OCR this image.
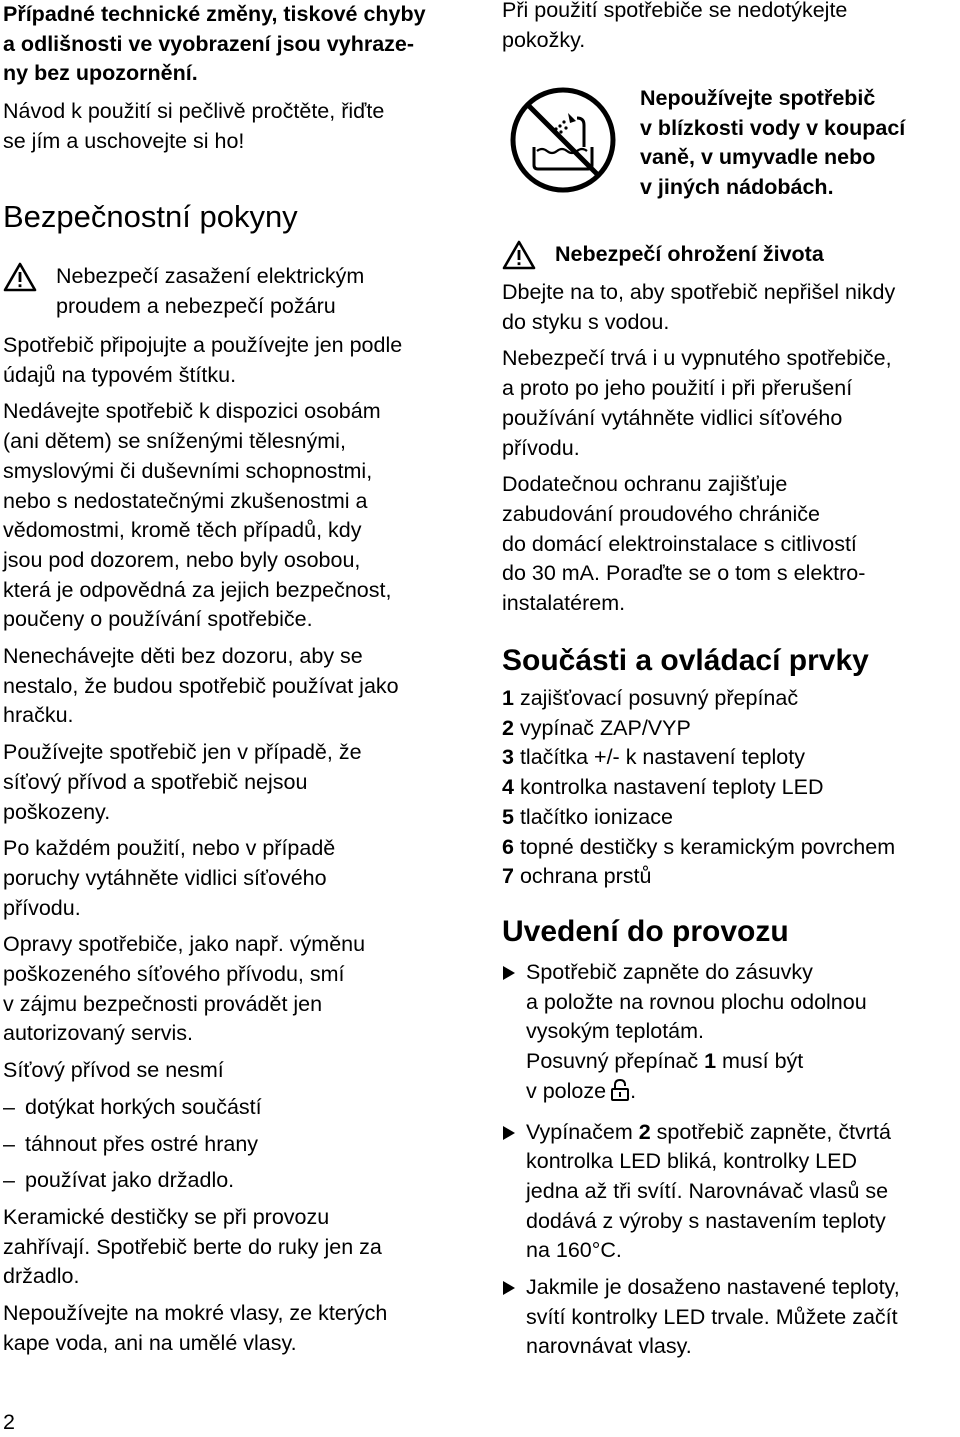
Případné technické změny, tiskové chyby
a odlišnosti ve vyobrazení jsou vyhraze-
ny bez upozornění.

Návod k použití si pečlivě pročtěte, řiďte
se jím a uschovejte si ho!

Bezpečnostní pokyny

Nebezpečí zasažení elektrickým
proudem a nebezpečí požáru

Spotřebič připojujte a používejte jen podle
údajů na typovém štítku.

Nedávejte spotřebič k dispozici osobám
(ani dětem) se sníženými tělesnými,
smyslovými či duševními schopnostmi,
nebo s nedostatečnými zkušenostmi a
vědomostmi, kromě těch případů, kdy
jsou pod dozorem, nebo byly osobou,
která je odpovědná za jejich bezpečnost,
poučeny o používání spotřebiče.

Nenechávejte děti bez dozoru, aby se
nestalo, že budou spotřebič používat jako
hračku.

Používejte spotřebič jen v případě, že
síťový přívod a spotřebič nejsou
poškozeny.

Po každém použití, nebo v případě
poruchy vytáhněte vidlici síťového
přívodu.

Opravy spotřebiče, jako např. výměnu
poškozeného síťového přívodu, smí
v zájmu bezpečnosti provádět jen
autorizovaný servis.

Síťový přívod se nesmí

– dotýkat horkých součástí
– táhnout přes ostré hrany
– používat jako držadlo.

Keramické destičky se při provozu
zahřívají. Spotřebič berte do ruky jen za
držadlo.

Nepoužívejte na mokré vlasy, ze kterých
kape voda, ani na umělé vlasy.

Při použití spotřebiče se nedotýkejte
pokožky.

Nepoužívejte spotřebič
v blízkosti vody v koupací
vaně, v umyvadle nebo
v jiných nádobách.

Nebezpečí ohrožení života

Dbejte na to, aby spotřebič nepřišel nikdy
do styku s vodou.

Nebezpečí trvá i u vypnutého spotřebiče,
a proto po jeho použití i při přerušení
používání vytáhněte vidlici síťového
přívodu.

Dodatečnou ochranu zajišťuje
zabudování proudového chrániče
do domácí elektroinstalace s citlivostí
do 30 mA. Poraďte se o tom s elektro-
instalatérem.

Součásti a ovládací prvky

1 zajišťovací posuvný přepínač

2 vypínač ZAP/VYP

3 tlačítka +/- k nastavení teploty

4 kontrolka nastavení teploty LED

5 tlačítko ionizace

6 topné destičky s keramickým povrchem

7 ochrana prstů

Uvedení do provozu

Spotřebič zapněte do zásuvky
a položte na rovnou plochu odolnou
vysokým teplotám.
Posuvný přepínač 1 musí být
v poloze .

Vypínačem 2 spotřebič zapněte, čtvrtá
kontrolka LED bliká, kontrolky LED
jedna až tři svítí. Narovnávač vlasů se
dodává z výroby s nastavením teploty
na 160°C.

Jakmile je dosaženo nastavené teploty,
svítí kontrolky LED trvale. Můžete začít
narovnávat vlasy.

2
